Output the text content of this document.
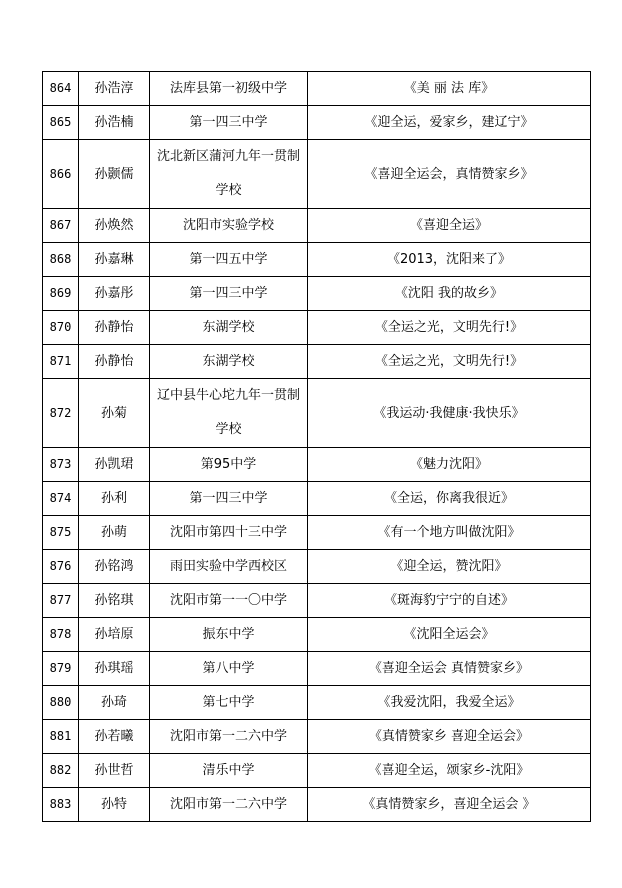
864	孙浩淳	法库县第一初级中学	《美 丽 法 库》
865	孙浩楠	第一四三中学	《迎全运，爱家乡，建辽宁》
866	孙颢儒	沈北新区蒲河九年一贯制学校	《喜迎全运会，真情赞家乡》
867	孙焕然	沈阳市实验学校	《喜迎全运》
868	孙嘉琳	第一四五中学	《2013，沈阳来了》
869	孙嘉彤	第一四三中学	《沈阳 我的故乡》
870	孙静怡	东湖学校	《全运之光，文明先行!》
871	孙静怡	东湖学校	《全运之光，文明先行!》
872	孙菊	辽中县牛心坨九年一贯制学校	《我运动·我健康·我快乐》
873	孙凯珺	第95中学	《魅力沈阳》
874	孙利	第一四三中学	《全运，你离我很近》
875	孙萌	沈阳市第四十三中学	《有一个地方叫做沈阳》
876	孙铭鸿	雨田实验中学西校区	《迎全运，赞沈阳》
877	孙铭琪	沈阳市第一一〇中学	《斑海豹宁宁的自述》
878	孙培原	振东中学	《沈阳全运会》
879	孙琪瑶	第八中学	《喜迎全运会 真情赞家乡》
880	孙琦	第七中学	《我爱沈阳，我爱全运》
881	孙若曦	沈阳市第一二六中学	《真情赞家乡 喜迎全运会》
882	孙世哲	清乐中学	《喜迎全运，颂家乡-沈阳》
883	孙特	沈阳市第一二六中学	《真情赞家乡，喜迎全运会 》
